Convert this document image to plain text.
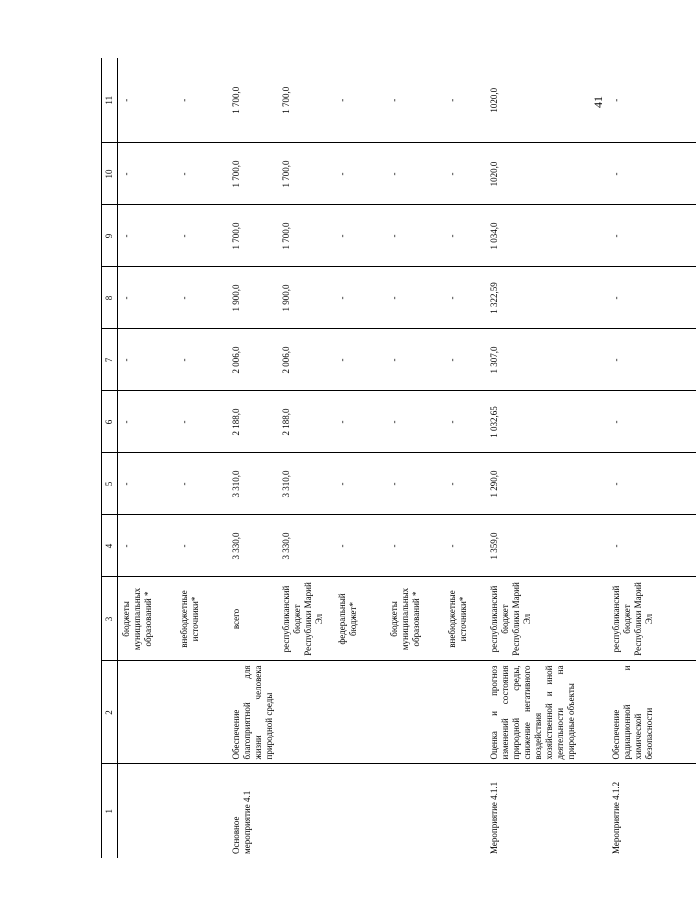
41
1	2	3	4	5	6	7	8	9	10	11
		бюджеты муниципальных образований *	-	-	-	-	-	-	-	-
		внебюджетные источники*	-	-	-	-	-	-	-	-
Основное мероприятие 4.1	Обеспечение благоприятной для жизни человека природной среды	всего	3 330,0	3 310,0	2 188,0	2 006,0	1 900,0	1 700,0	1 700,0	1 700,0
		республиканский бюджет Республики Марий Эл	3 330,0	3 310,0	2 188,0	2 006,0	1 900,0	1 700,0	1 700,0	1 700,0
		федеральный бюджет*	-	-	-	-	-	-	-	-
		бюджеты муниципальных образований *	-	-	-	-	-	-	-	-
		внебюджетные источники*	-	-	-	-	-	-	-	-
Мероприятие 4.1.1	Оценка и прогноз изменений состояния природной среды, снижение негативного воздействия хозяйственной и иной деятельности на природные объекты	республиканский бюджет Республики Марий Эл	1 359,0	1 290,0	1 032,65	1 307,0	1 322,59	1 034,0	1020,0	1020,0
Мероприятие 4.1.2	Обеспечение радиационной и химической безопасности	республиканский бюджет Республики Марий Эл	-	-	-	-	-	-	-	-
